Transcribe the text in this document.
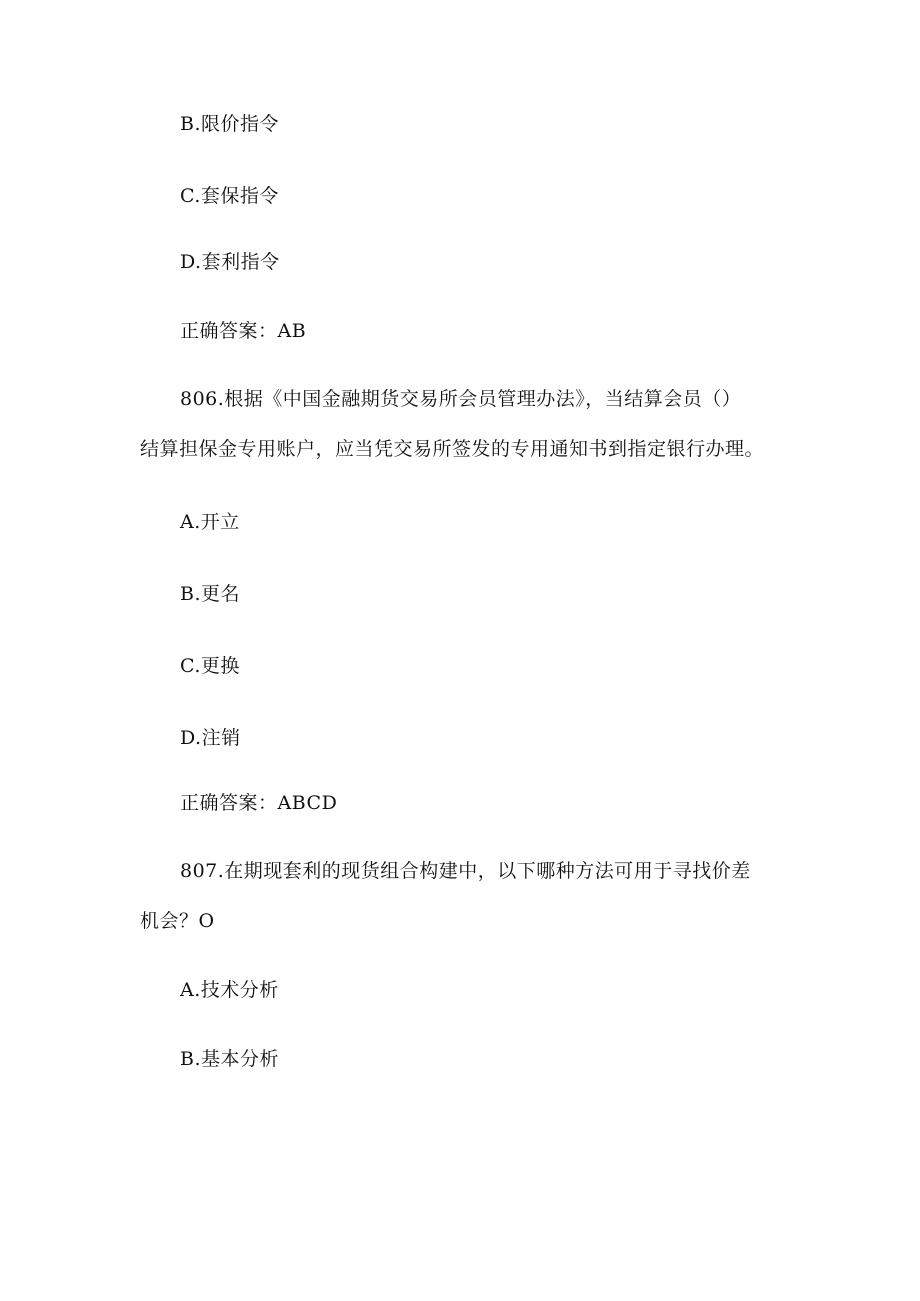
B.限价指令
C.套保指令
D.套利指令
正确答案：AB
806.根据《中国金融期货交易所会员管理办法》，当结算会员（）
结算担保金专用账户，应当凭交易所签发的专用通知书到指定银行办理。
A.开立
B.更名
C.更换
D.注销
正确答案：ABCD
807.在期现套利的现货组合构建中，以下哪种方法可用于寻找价差
机会？O
A.技术分析
B.基本分析
